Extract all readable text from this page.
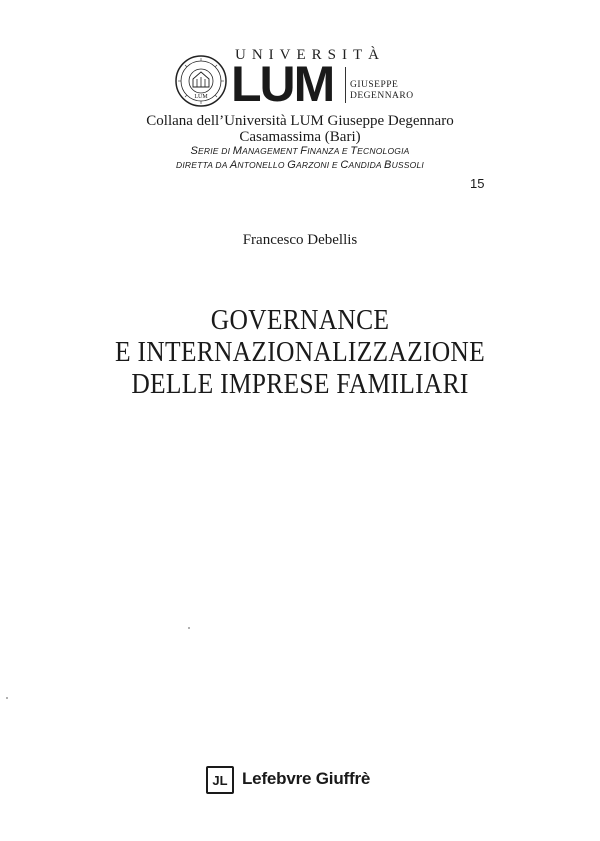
LUM
UNIVERSITÀ
LUM GIUSEPPE
DEGENNARO
Collana dell’Università LUM Giuseppe Degennaro
Casamassima (Bari)
SERIE DI MANAGEMENT FINANZA E TECNOLOGIA
DIRETTA DA ANTONELLO GARZONI E CANDIDA BUSSOLI
15
Francesco Debellis
GOVERNANCE
E INTERNAZIONALIZZAZIONE
DELLE IMPRESE FAMILIARI
JL Lefebvre Giuffrè
